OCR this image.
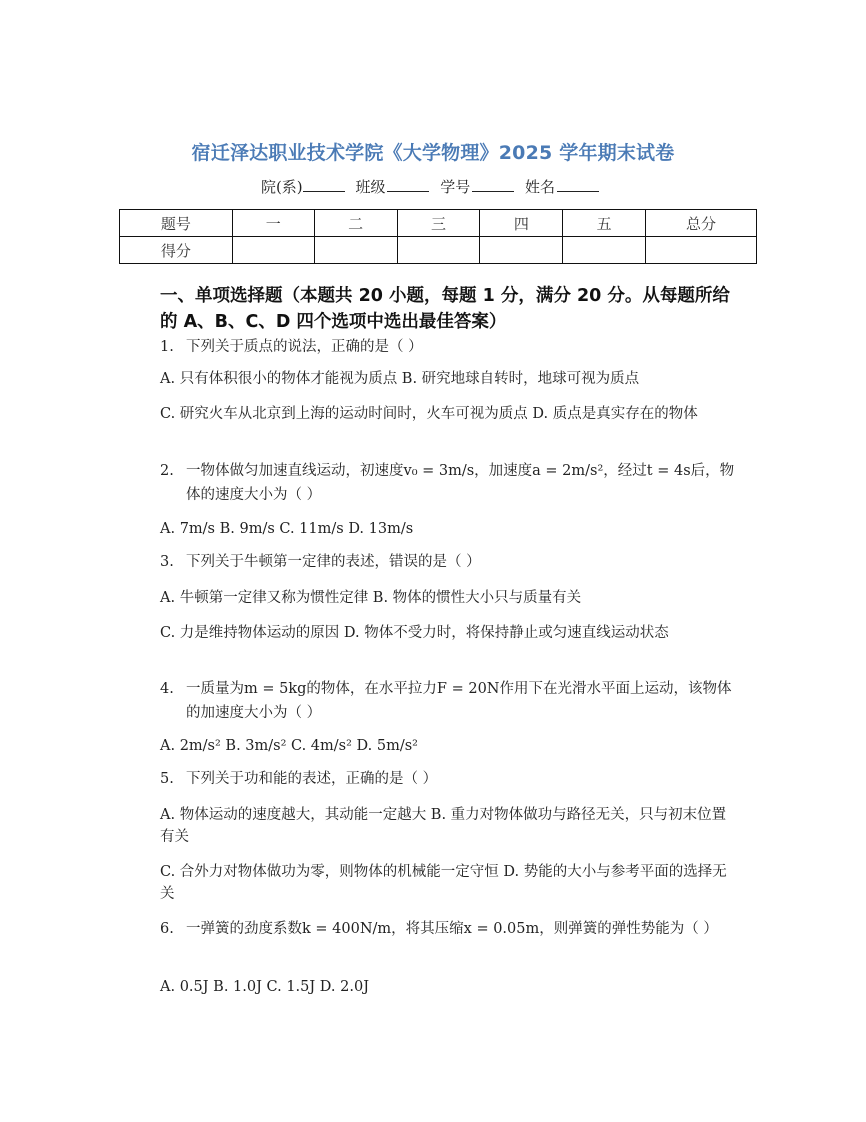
宿迁泽达职业技术学院《大学物理》2025 学年期末试卷
院(系)	班级	学号	姓名
题号	一	二	三	四	五	总分
得分						
一、单项选择题（本题共 20 小题，每题 1 分，满分 20 分。从每题所给的 A、B、C、D 四个选项中选出最佳答案）
1. 下列关于质点的说法，正确的是（ ）
A. 只有体积很小的物体才能视为质点 B. 研究地球自转时，地球可视为质点
C. 研究火车从北京到上海的运动时间时，火车可视为质点 D. 质点是真实存在的物体
2. 一物体做匀加速直线运动，初速度v₀ = 3m/s，加速度a = 2m/s²，经过t = 4s后，物体的速度大小为（ ）
A. 7m/s B. 9m/s C. 11m/s D. 13m/s
3. 下列关于牛顿第一定律的表述，错误的是（ ）
A. 牛顿第一定律又称为惯性定律 B. 物体的惯性大小只与质量有关
C. 力是维持物体运动的原因 D. 物体不受力时，将保持静止或匀速直线运动状态
4. 一质量为m = 5kg的物体，在水平拉力F = 20N作用下在光滑水平面上运动，该物体的加速度大小为（ ）
A. 2m/s² B. 3m/s² C. 4m/s² D. 5m/s²
5. 下列关于功和能的表述，正确的是（ ）
A. 物体运动的速度越大，其动能一定越大 B. 重力对物体做功与路径无关，只与初末位置有关
C. 合外力对物体做功为零，则物体的机械能一定守恒 D. 势能的大小与参考平面的选择无关
6. 一弹簧的劲度系数k = 400N/m，将其压缩x = 0.05m，则弹簧的弹性势能为（ ）
A. 0.5J B. 1.0J C. 1.5J D. 2.0J
